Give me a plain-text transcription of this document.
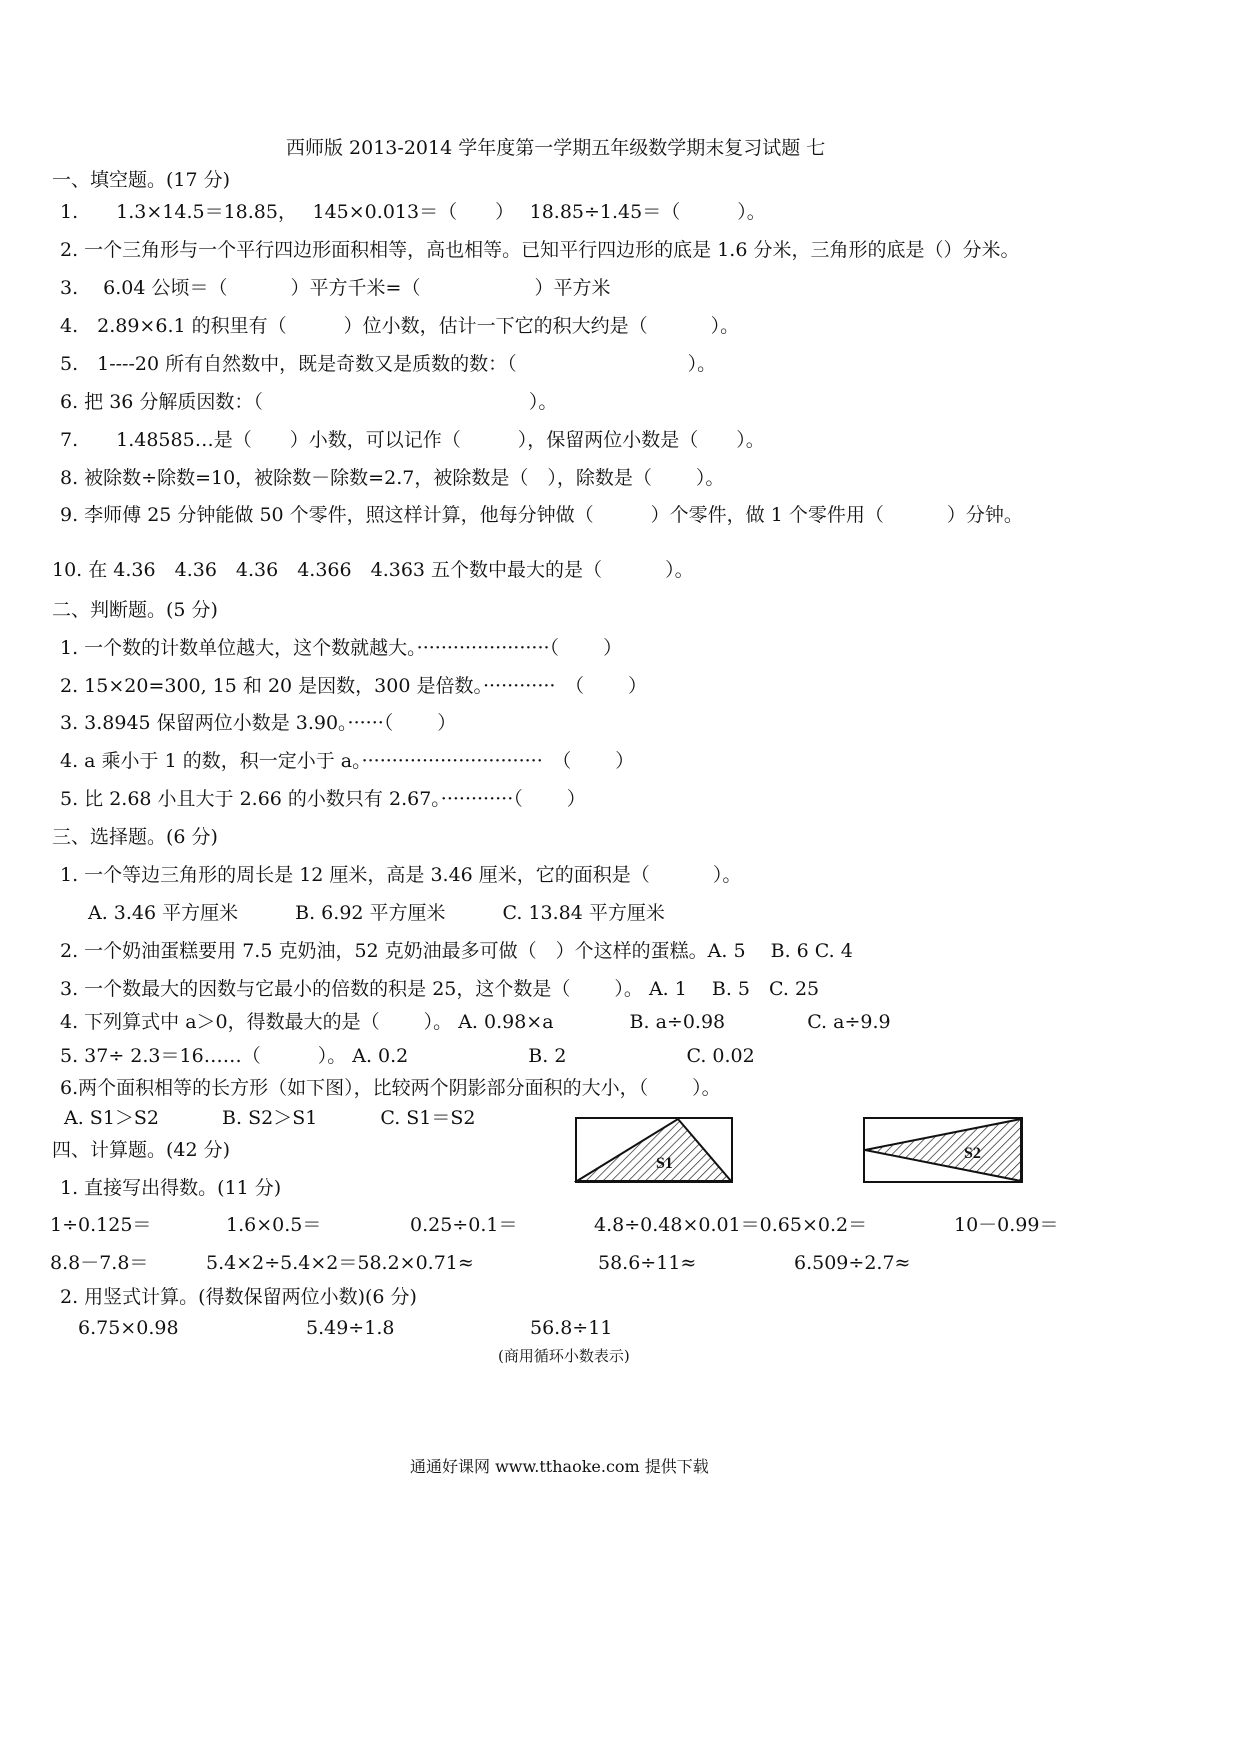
西师版 2013-2014 学年度第一学期五年级数学期末复习试题 七
一、填空题。(17 分)
1.　　1.3×14.5＝18.85，　 145×0.013＝（　　）　 18.85÷1.45＝（　　　）。
2. 一个三角形与一个平行四边形面积相等，高也相等。已知平行四边形的底是 1.6 分米，三角形的底是（）分米。
3.　 6.04 公顷＝（　　　 ）平方千米=（　　　　　　）平方米
4.　2.89×6.1 的积里有（　　　）位小数，估计一下它的积大约是（　　　 ）。
5.　1----20 所有自然数中，既是奇数又是质数的数：（　　　　　　　　　）。
6. 把 36 分解质因数：（　　　　　　　　　　　　　　）。
7.　　1.48585…是（　　）小数，可以记作（　　　），保留两位小数是（　　）。
8. 被除数÷除数=10，被除数－除数=2.7，被除数是（　），除数是（　　 ）。
9. 李师傅 25 分钟能做 50 个零件，照这样计算，他每分钟做（　　　）个零件，做 1 个零件用（　　　 ）分钟。
10. 在 4.36　4.36　4.36　4.366　4.363 五个数中最大的是（　　　 ）。
二、判断题。(5 分)
1. 一个数的计数单位越大，这个数就越大。······················（　　 ）
2. 15×20=300, 15 和 20 是因数，300 是倍数。············　（　　 ）
3. 3.8945 保留两位小数是 3.90。······（　　 ）
4. a 乘小于 1 的数，积一定小于 a。······························　（　　 ）
5. 比 2.68 小且大于 2.66 的小数只有 2.67。············（　　 ）
三、选择题。(6 分)
1. 一个等边三角形的周长是 12 厘米，高是 3.46 厘米，它的面积是（　　　 ）。
A. 3.46 平方厘米　　　B. 6.92 平方厘米　　　C. 13.84 平方厘米
2. 一个奶油蛋糕要用 7.5 克奶油，52 克奶油最多可做（　）个这样的蛋糕。A. 5　 B. 6 C. 4
3. 一个数最大的因数与它最小的倍数的积是 25，这个数是（　　 ）。 A. 1　 B. 5　C. 25
4. 下列算式中 a＞0，得数最大的是（　　 ）。 A. 0.98×a　　　　B. a÷0.98　　　　 C. a÷9.9
5. 37÷ 2.3＝16……（　　　）。 A. 0.2　　　　　　 B. 2　　　　　　 C. 0.02
6.两个面积相等的长方形（如下图），比较两个阴影部分面积的大小，（　　 ）。
A. S1＞S2　　　 B. S2＞S1　　　 C. S1＝S2
S1
S2
四、计算题。(42 分)
1. 直接写出得数。(11 分)
1÷0.125＝	1.6×0.5＝	0.25÷0.1＝	4.8÷0.48×0.01＝0.65×0.2＝	10－0.99＝
8.8－7.8＝	5.4×2÷5.4×2＝58.2×0.71≈	58.6÷11≈	6.509÷2.7≈
2. 用竖式计算。(得数保留两位小数)(6 分)
6.75×0.98	5.49÷1.8	56.8÷11
(商用循环小数表示)
通通好课网 www.tthaoke.com 提供下载
